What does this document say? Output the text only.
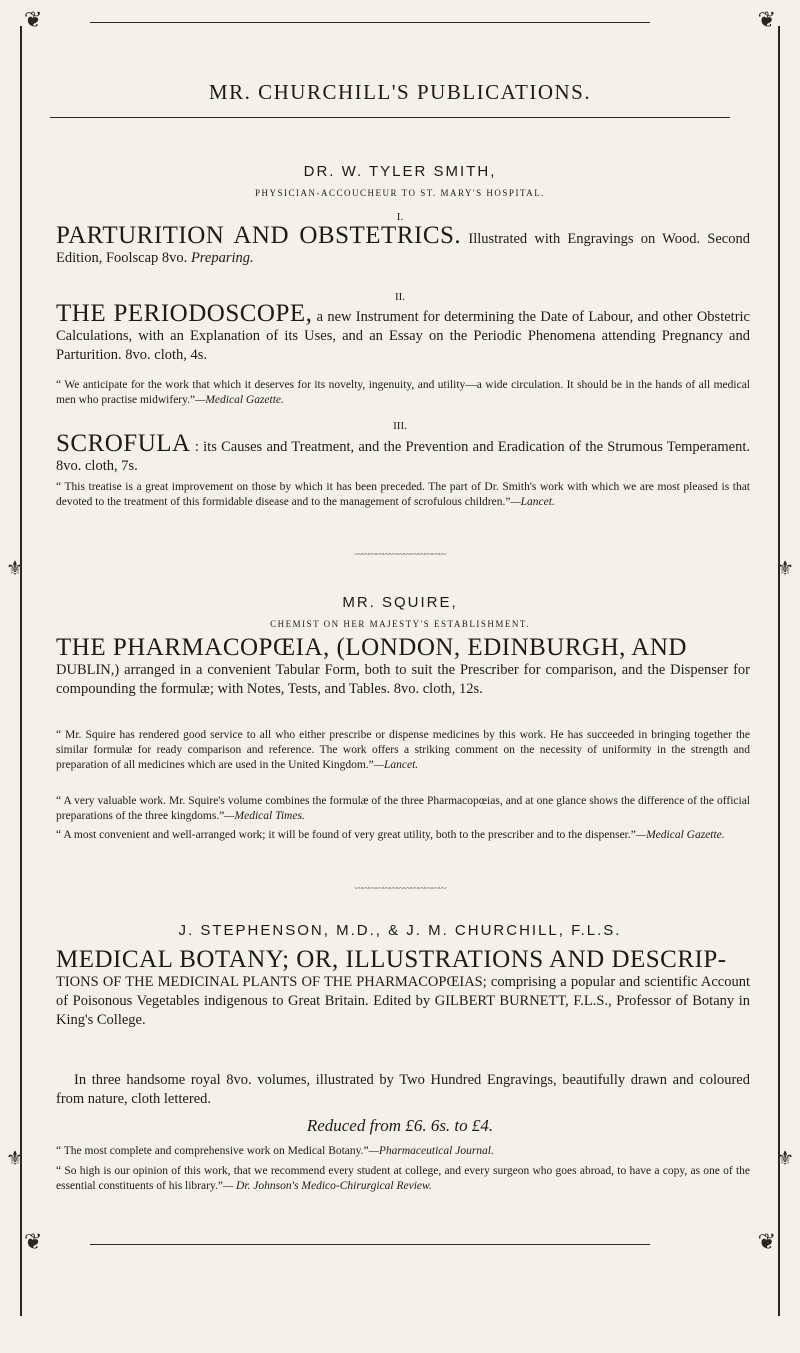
❦	❦
MR. CHURCHILL'S PUBLICATIONS.
DR. W. TYLER SMITH,
PHYSICIAN-ACCOUCHEUR TO ST. MARY'S HOSPITAL.
I.
PARTURITION AND OBSTETRICS. Illustrated with Engravings on Wood. Second Edition, Foolscap 8vo. Preparing.
II.
THE PERIODOSCOPE, a new Instrument for determining the Date of Labour, and other Obstetric Calculations, with an Explanation of its Uses, and an Essay on the Periodic Phenomena attending Pregnancy and Parturition. 8vo. cloth, 4s.
“ We anticipate for the work that which it deserves for its novelty, ingenuity, and utility—a wide circulation. It should be in the hands of all medical men who practise midwifery.”—Medical Gazette.
III.
SCROFULA : its Causes and Treatment, and the Prevention and Eradication of the Strumous Temperament. 8vo. cloth, 7s.
“ This treatise is a great improvement on those by which it has been preceded. The part of Dr. Smith's work with which we are most pleased is that devoted to the treatment of this formidable disease and to the management of scrofulous children.”—Lancet.
〰〰〰〰〰〰〰〰〰〰〰〰〰
⚜	⚜
MR. SQUIRE,
CHEMIST ON HER MAJESTY'S ESTABLISHMENT.
THE PHARMACOPŒIA, (LONDON, EDINBURGH, AND
DUBLIN,) arranged in a convenient Tabular Form, both to suit the Prescriber for comparison, and the Dispenser for compounding the formulæ; with Notes, Tests, and Tables. 8vo. cloth, 12s.
“ Mr. Squire has rendered good service to all who either prescribe or dispense medicines by this work. He has succeeded in bringing together the similar formulæ for ready comparison and reference. The work offers a striking comment on the necessity of uniformity in the strength and preparation of all medicines which are used in the United Kingdom.”—Lancet.
“ A very valuable work. Mr. Squire's volume combines the formulæ of the three Pharmacopœias, and at one glance shows the difference of the official preparations of the three kingdoms.”—Medical Times.
“ A most convenient and well-arranged work; it will be found of very great utility, both to the prescriber and to the dispenser.”—Medical Gazette.
〰〰〰〰〰〰〰〰〰〰〰〰〰
J. STEPHENSON, M.D., & J. M. CHURCHILL, F.L.S.
MEDICAL BOTANY; OR, ILLUSTRATIONS AND DESCRIP-
TIONS OF THE MEDICINAL PLANTS OF THE PHARMACOPŒIAS; comprising a popular and scientific Account of Poisonous Vegetables indigenous to Great Britain. Edited by GILBERT BURNETT, F.L.S., Professor of Botany in King's College.
In three handsome royal 8vo. volumes, illustrated by Two Hundred Engravings, beautifully drawn and coloured from nature, cloth lettered.
Reduced from £6. 6s. to £4.
“ The most complete and comprehensive work on Medical Botany.”—Pharmaceutical Journal.
“ So high is our opinion of this work, that we recommend every student at college, and every surgeon who goes abroad, to have a copy, as one of the essential constituents of his library.”— Dr. Johnson's Medico-Chirurgical Review.
⚜	⚜
❦	❦
